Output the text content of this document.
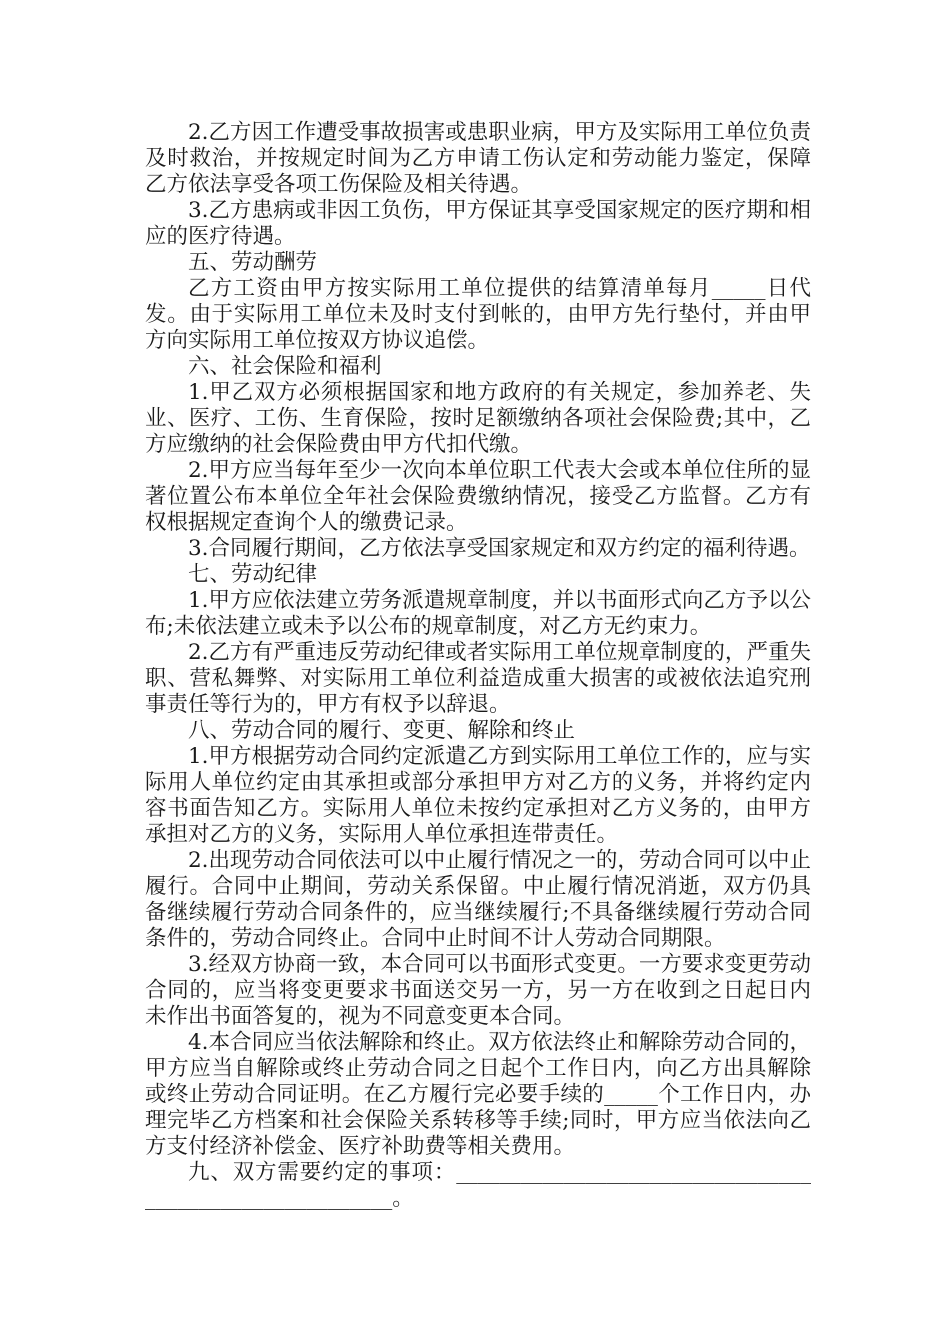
2.乙方因工作遭受事故损害或患职业病，甲方及实际用工单位负责及时救治，并按规定时间为乙方申请工伤认定和劳动能力鉴定，保障乙方依法享受各项工伤保险及相关待遇。

3.乙方患病或非因工负伤，甲方保证其享受国家规定的医疗期和相应的医疗待遇。

五、劳动酬劳

乙方工资由甲方按实际用工单位提供的结算清单每月_____日代发。由于实际用工单位未及时支付到帐的，由甲方先行垫付，并由甲方向实际用工单位按双方协议追偿。

六、社会保险和福利

1.甲乙双方必须根据国家和地方政府的有关规定，参加养老、失业、医疗、工伤、生育保险，按时足额缴纳各项社会保险费;其中，乙方应缴纳的社会保险费由甲方代扣代缴。

2.甲方应当每年至少一次向本单位职工代表大会或本单位住所的显著位置公布本单位全年社会保险费缴纳情况，接受乙方监督。乙方有权根据规定查询个人的缴费记录。

3.合同履行期间，乙方依法享受国家规定和双方约定的福利待遇。

七、劳动纪律

1.甲方应依法建立劳务派遣规章制度，并以书面形式向乙方予以公布;未依法建立或未予以公布的规章制度，对乙方无约束力。

2.乙方有严重违反劳动纪律或者实际用工单位规章制度的，严重失职、营私舞弊、对实际用工单位利益造成重大损害的或被依法追究刑事责任等行为的，甲方有权予以辞退。

八、劳动合同的履行、变更、解除和终止

1.甲方根据劳动合同约定派遣乙方到实际用工单位工作的，应与实际用人单位约定由其承担或部分承担甲方对乙方的义务，并将约定内容书面告知乙方。实际用人单位未按约定承担对乙方义务的，由甲方承担对乙方的义务，实际用人单位承担连带责任。

2.出现劳动合同依法可以中止履行情况之一的，劳动合同可以中止履行。合同中止期间，劳动关系保留。中止履行情况消逝，双方仍具备继续履行劳动合同条件的，应当继续履行;不具备继续履行劳动合同条件的，劳动合同终止。合同中止时间不计人劳动合同期限。

3.经双方协商一致，本合同可以书面形式变更。一方要求变更劳动合同的，应当将变更要求书面送交另一方，另一方在收到之日起日内未作出书面答复的，视为不同意变更本合同。

4.本合同应当依法解除和终止。双方依法终止和解除劳动合同的，甲方应当自解除或终止劳动合同之日起个工作日内，向乙方出具解除或终止劳动合同证明。在乙方履行完必要手续的_____个工作日内，办理完毕乙方档案和社会保险关系转移等手续;同时，甲方应当依法向乙方支付经济补偿金、医疗补助费等相关费用。

九、双方需要约定的事项：________________________________________________________。
